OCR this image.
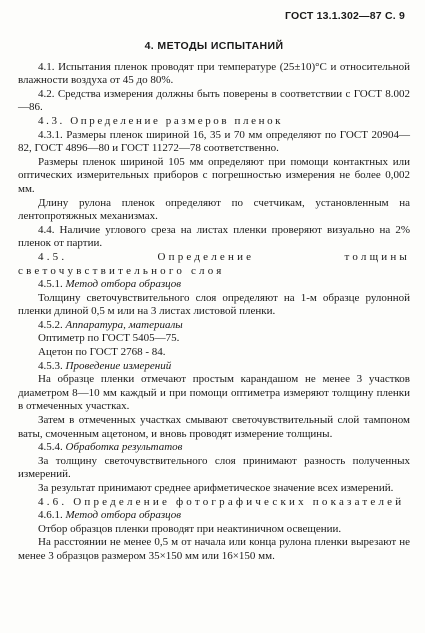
ГОСТ 13.1.302—87 С. 9
4. МЕТОДЫ ИСПЫТАНИЙ

4.1. Испытания пленок проводят при температуре (25±10)°С и относительной влажности воздуха от 45 до 80%.

4.2. Средства измерения должны быть поверены в соответствии с ГОСТ 8.002—86.

4.3. Определение размеров пленок

4.3.1. Размеры пленок шириной 16, 35 и 70 мм определяют по ГОСТ 20904—82, ГОСТ 4896—80 и ГОСТ 11272—78 соответственно.

Размеры пленок шириной 105 мм определяют при помощи контактных или оптических измерительных приборов с погрешностью измерения не более 0,002 мм.

Длину рулона пленок определяют по счетчикам, установленным на лентопротяжных механизмах.

4.4. Наличие углового среза на листах пленки проверяют визуально на 2% пленок от партии.

4.5. Определение толщины светочувствительного слоя

4.5.1. Метод отбора образцов

Толщину светочувствительного слоя определяют на 1-м образце рулонной пленки длиной 0,5 м или на 3 листах листовой пленки.

4.5.2. Аппаратура, материалы

Оптиметр по ГОСТ 5405—75.

Ацетон по ГОСТ 2768 - 84.

4.5.3. Проведение измерений

На образце пленки отмечают простым карандашом не менее 3 участков диаметром 8—10 мм каждый и при помощи оптиметра измеряют толщину пленки в отмеченных участках.

Затем в отмеченных участках смывают светочувствительный слой тампоном ваты, смоченным ацетоном, и вновь проводят измерение толщины.

4.5.4. Обработка результатов

За толщину светочувствительного слоя принимают разность полученных измерений.

За результат принимают среднее арифметическое значение всех измерений.

4.6. Определение фотографических показателей

4.6.1. Метод отбора образцов

Отбор образцов пленки проводят при неактиничном освещении.

На расстоянии не менее 0,5 м от начала или конца рулона пленки вырезают не менее 3 образцов размером 35×150 мм или 16×150 мм.
